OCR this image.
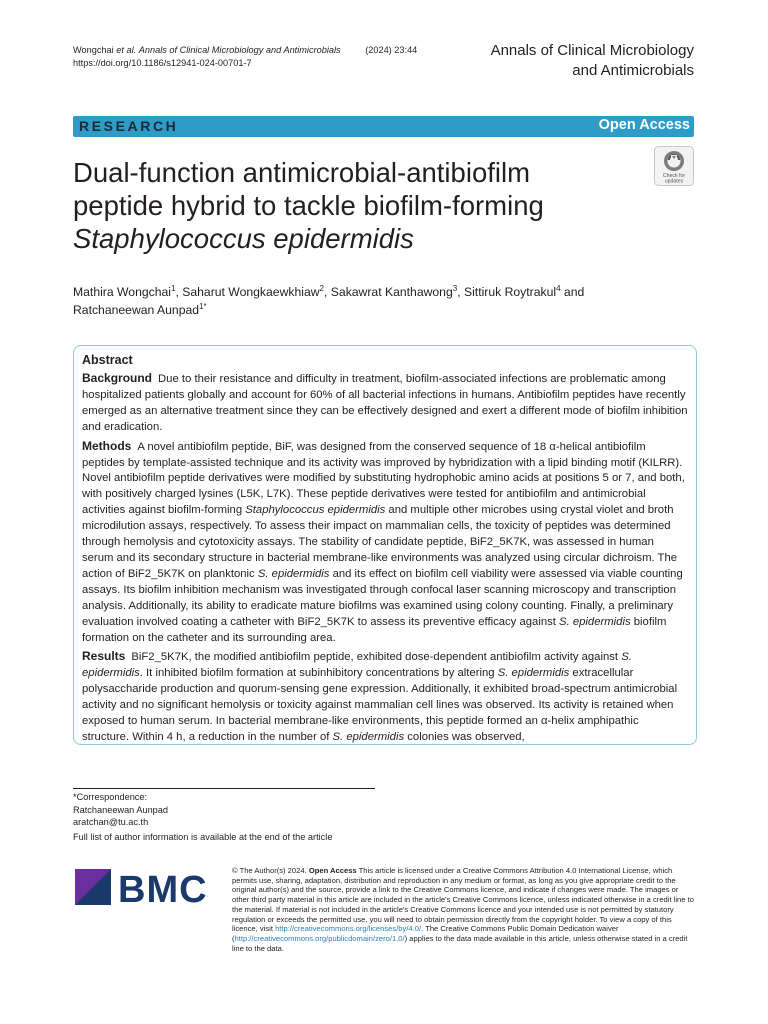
Wongchai et al. Annals of Clinical Microbiology and Antimicrobials	(2024) 23:44
https://doi.org/10.1186/s12941-024-00701-7
Annals of Clinical Microbiology
and Antimicrobials
RESEARCH	Open Access
Dual-function antimicrobial-antibiofilm
peptide hybrid to tackle biofilm-forming
Staphylococcus epidermidis
Check for
updates
Mathira Wongchai$^1$, Saharut Wongkaewkhiaw$^2$, Sakawrat Kanthawong$^3$, Sittiruk Roytrakul$^4$ and
Ratchaneewan Aunpad$^{1*}$
Abstract

Background Due to their resistance and difficulty in treatment, biofilm-associated infections are problematic among hospitalized patients globally and account for 60% of all bacterial infections in humans. Antibiofilm peptides have recently emerged as an alternative treatment since they can be effectively designed and exert a different mode of biofilm inhibition and eradication.

Methods A novel antibiofilm peptide, BiF, was designed from the conserved sequence of 18 α-helical antibiofilm peptides by template-assisted technique and its activity was improved by hybridization with a lipid binding motif (KILRR). Novel antibiofilm peptide derivatives were modified by substituting hydrophobic amino acids at positions 5 or 7, and both, with positively charged lysines (L5K, L7K). These peptide derivatives were tested for antibiofilm and antimicrobial activities against biofilm-forming Staphylococcus epidermidis and multiple other microbes using crystal violet and broth microdilution assays, respectively. To assess their impact on mammalian cells, the toxicity of peptides was determined through hemolysis and cytotoxicity assays. The stability of candidate peptide, BiF2_5K7K, was assessed in human serum and its secondary structure in bacterial membrane-like environments was analyzed using circular dichroism. The action of BiF2_5K7K on planktonic S. epidermidis and its effect on biofilm cell viability were assessed via viable counting assays. Its biofilm inhibition mechanism was investigated through confocal laser scanning microscopy and transcription analysis. Additionally, its ability to eradicate mature biofilms was examined using colony counting. Finally, a preliminary evaluation involved coating a catheter with BiF2_5K7K to assess its preventive efficacy against S. epidermidis biofilm formation on the catheter and its surrounding area.

Results BiF2_5K7K, the modified antibiofilm peptide, exhibited dose-dependent antibiofilm activity against S. epidermidis. It inhibited biofilm formation at subinhibitory concentrations by altering S. epidermidis extracellular polysaccharide production and quorum-sensing gene expression. Additionally, it exhibited broad-spectrum antimicrobial activity and no significant hemolysis or toxicity against mammalian cell lines was observed. Its activity is retained when exposed to human serum. In bacterial membrane-like environments, this peptide formed an α-helix amphipathic structure. Within 4 h, a reduction in the number of S. epidermidis colonies was observed,

*Correspondence:
Ratchaneewan Aunpad
aratchan@tu.ac.th
Full list of author information is available at the end of the article
BMC	© The Author(s) 2024. Open Access This article is licensed under a Creative Commons Attribution 4.0 International License, which permits use, sharing, adaptation, distribution and reproduction in any medium or format, as long as you give appropriate credit to the original author(s) and the source, provide a link to the Creative Commons licence, and indicate if changes were made. The images or other third party material in this article are included in the article's Creative Commons licence, unless indicated otherwise in a credit line to the material. If material is not included in the article's Creative Commons licence and your intended use is not permitted by statutory regulation or exceeds the permitted use, you will need to obtain permission directly from the copyright holder. To view a copy of this licence, visit http://creativecommons.org/licenses/by/4.0/. The Creative Commons Public Domain Dedication waiver (http://creativecommons.org/publicdomain/zero/1.0/) applies to the data made available in this article, unless otherwise stated in a credit line to the data.
